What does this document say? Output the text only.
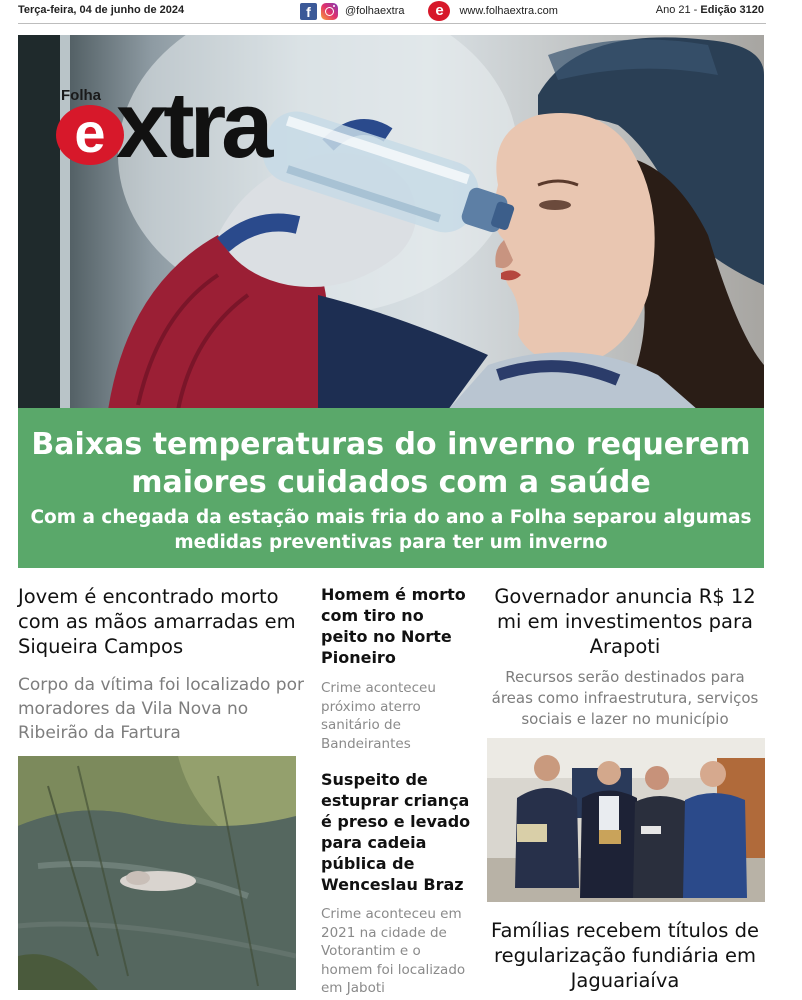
Terça-feira, 04 de junho de 2024	f	@folhaextra	e	www.folhaextra.com	Ano 21 - Edição 3120
Folha
e xtra
Baixas temperaturas do inverno requerem maiores cuidados com a saúde
Com a chegada da estação mais fria do ano a Folha separou algumas medidas preventivas para ter um inverno
Jovem é encontrado morto com as mãos amarradas em Siqueira Campos
Corpo da vítima foi localizado por moradores da Vila Nova no Ribeirão da Fartura
Homem é morto com tiro no peito no Norte Pioneiro
Crime aconteceu próximo aterro sanitário de Bandeirantes
Suspeito de estuprar criança é preso e levado para cadeia pública de Wenceslau Braz
Crime aconteceu em 2021 na cidade de Votorantim e o homem foi localizado em Jaboti
Governador anuncia R$ 12 mi em investimentos para Arapoti
Recursos serão destinados para áreas como infraestrutura, serviços sociais e lazer no município
Famílias recebem títulos de regularização fundiária em Jaguariaíva
